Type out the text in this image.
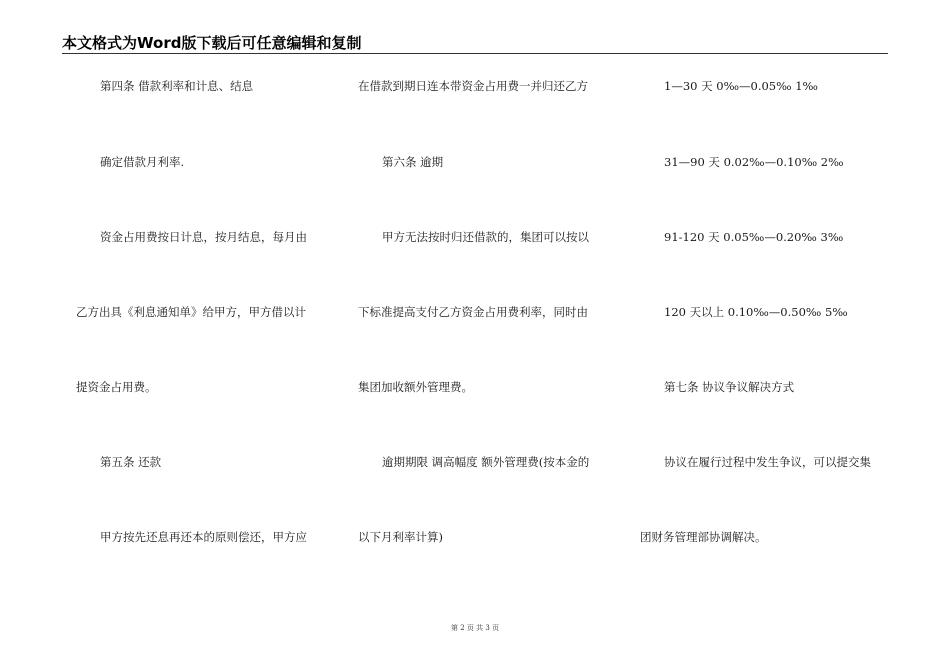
本文格式为Word版下载后可任意编辑和复制
第四条 借款利率和计息、结息
确定借款月利率.
资金占用费按日计息，按月结息，每月由
乙方出具《利息通知单》给甲方，甲方借以计
提资金占用费。
第五条 还款
甲方按先还息再还本的原则偿还，甲方应
在借款到期日连本带资金占用费一并归还乙方
第六条 逾期
甲方无法按时归还借款的，集团可以按以
下标准提高支付乙方资金占用费利率，同时由
集团加收额外管理费。
逾期期限 调高幅度 额外管理费(按本金的
以下月利率计算)
1—30 天 0‰—0.05‰ 1‰
31—90 天 0.02‰—0.10‰ 2‰
91-120 天 0.05‰—0.20‰ 3‰
120 天以上 0.10‰—0.50‰ 5‰
第七条 协议争议解决方式
协议在履行过程中发生争议，可以提交集
团财务管理部协调解决。
第 2 页 共 3 页
